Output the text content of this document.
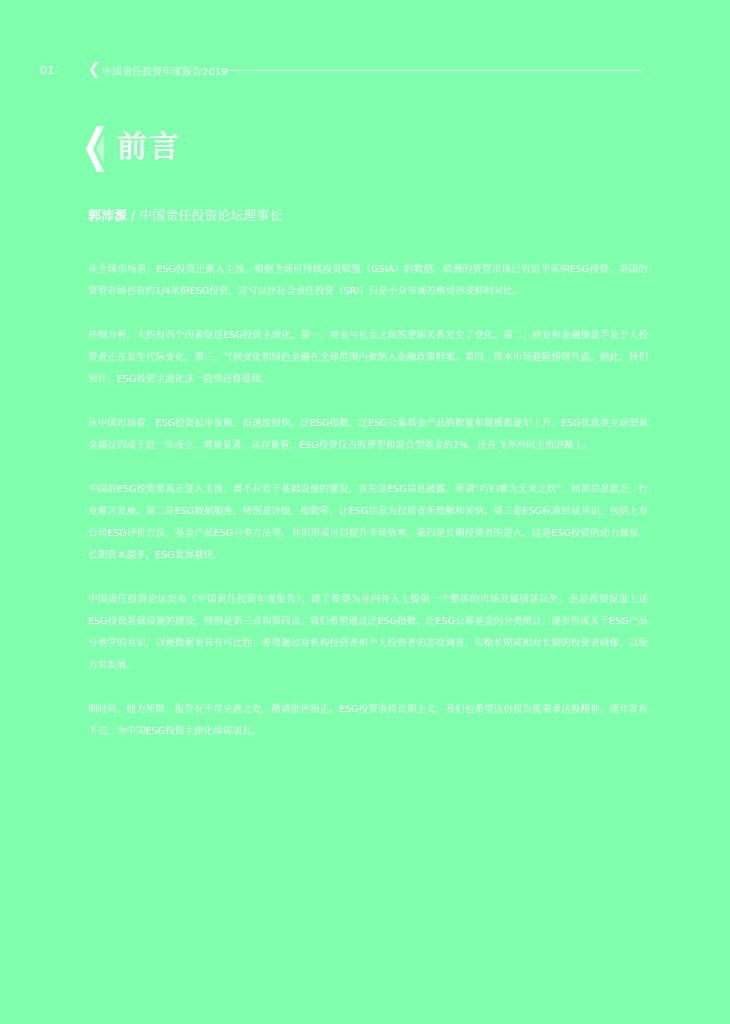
01	中国责任投资年度报告2019
前言
郭沛源 / 中国责任投资论坛理事长

从全球市场看，ESG投资正渐入主流。根据全球可持续投资联盟（GSIA）的数据，欧洲的资管市场已有近半采纳ESG投资，美国的资管市场也有约1/4采纳ESG投资，这与以往社会责任投资（SRI）只是小众市场的格局形成鲜明对比。

仔细分析，大约有四个因素促进ESG投资主流化。第一，商业与社会之间的逻辑关系发生了变化。第二，商业和金融操盘手及个人投资者正在发生代际变化。第三，气候变化和绿色金融在全球范围内被纳入金融政策框架。第四，资本市场避险情绪升温。据此，我们预计，ESG投资主流化这一趋势还将延续。

从中国市场看，ESG投资起步虽晚，但速度很快。泛ESG指数、泛ESG公募基金产品的数量和规模都逐年上升，ESG优选类主动型基金超过四成于近一年成立，增量显著。从存量看，ESG投资仅占股票型和混合型基金的2%，还在飞奔冲向主流的路上。

中国的ESG投资要真正进入主流，离不开若干基础设施的建设。首先是ESG信息披露，所谓“巧妇难为无米之炊”，如果信息匮乏，行业难言发展。第二是ESG数据服务，特别是评级、指数等，让ESG信息为投资者所理解和采纳。第三是ESG标准形成共识，包括上市公司ESG评价方法、基金产品ESG分类方法等，共识形成可以提升市场效率。第四是长期投资者的进入，这是ESG投资的动力源泉，长期资本越多，ESG发展越快。

中国责任投资论坛发布《中国责任投资年度报告》，除了希望为业内外人士提供一个整体的市场发展描述以外，也是希望促进上述ESG投资基础设施的建设，特别是第三点和第四点。我们希望通过泛ESG指数、泛ESG公募基金的分类统计，逐步形成关于ESG产品分类学的共识，以便数据更具有可比性；希望通过对机构投资者和个人投资者的态度调查，勾勒长期或相对长期的投资者画像，以助力其发展。

囿时间、能力所限，报告有不尽完善之处，敬请批评指正。ESG投资崇尚长期主义，我们也希望这份报告能秉承这股精神，逐年发布下去，为中国ESG投资主流化添砖加瓦。
